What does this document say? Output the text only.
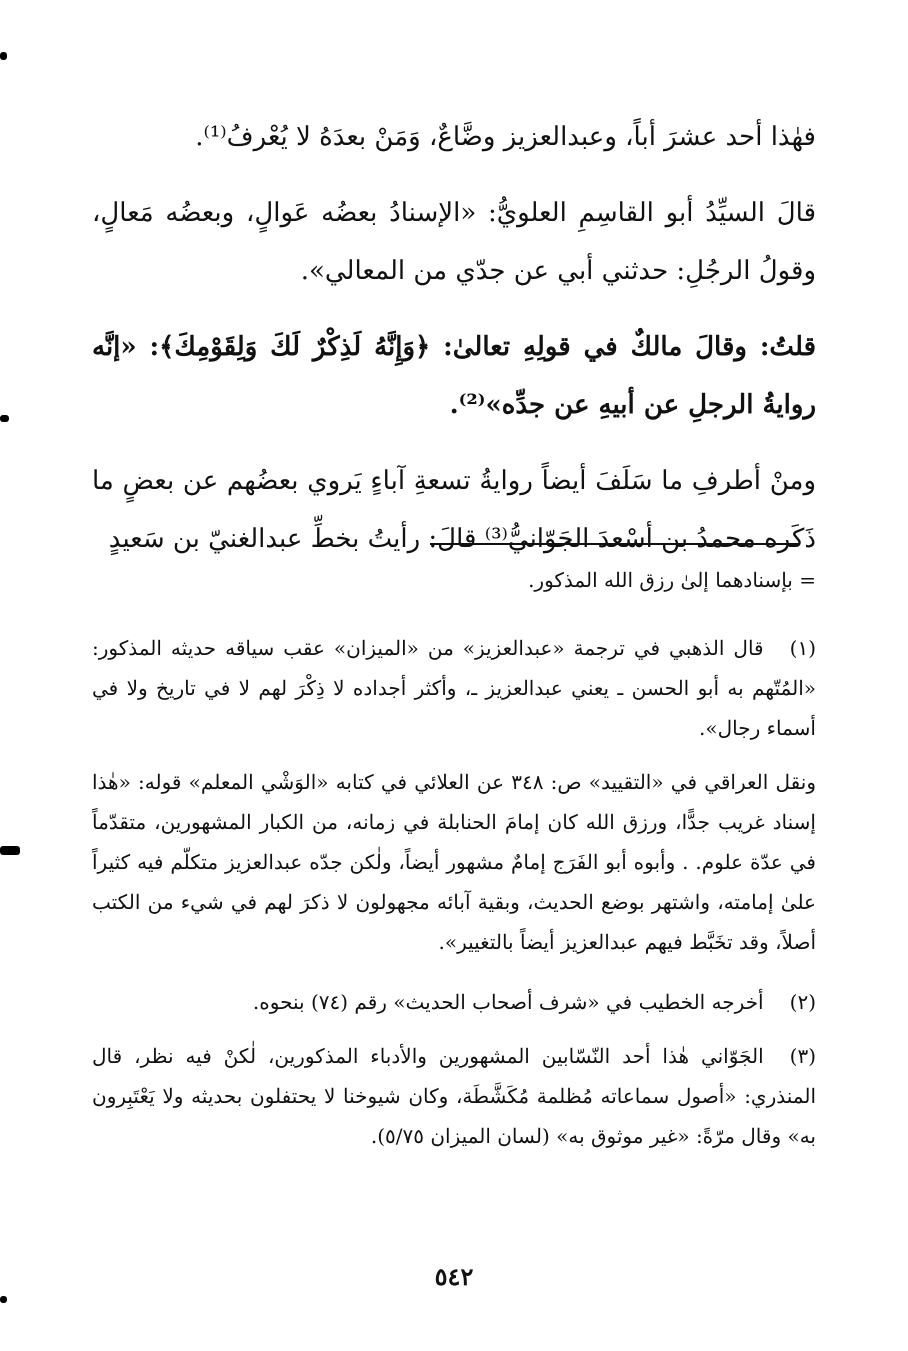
فهٰذا أحد عشرَ أباً، وعبدالعزيز وضَّاعٌ، وَمَنْ بعدَهُ لا يُعْرفُ⁽¹⁾.

قالَ السيِّدُ أبو القاسِمِ العلويُّ: «الإسنادُ بعضُه عَوالٍ، وبعضُه مَعالٍ، وقولُ الرجُلِ: حدثني أبي عن جدّي من المعالي».

قلتُ: وقالَ مالكٌ في قولِهِ تعالىٰ: ﴿وَإِنَّهُ لَذِكْرٌ لَكَ وَلِقَوْمِكَ﴾: «إنَّه روايةُ الرجلِ عن أبيهِ عن جدِّه»⁽²⁾.

ومنْ أطرفِ ما سَلَفَ أيضاً روايةُ تسعةِ آباءٍ يَروي بعضُهم عن بعضٍ ما ذَكَره محمدُ بن أسْعدَ الجَوّانيُّ⁽³⁾ قالَ: رأيتُ بخطِّ عبدالغنيّ بن سَعيدٍ

= بإسنادهما إلىٰ رزق الله المذكور.

(١)قال الذهبي في ترجمة «عبدالعزيز» من «الميزان» عقب سياقه حديثه المذكور: «المُتّهم به أبو الحسن ـ يعني عبدالعزيز ـ، وأكثر أجداده لا ذِكْرَ لهم لا في تاريخ ولا في أسماء رجال».

ونقل العراقي في «التقييد» ص: ٣٤٨ عن العلائي في كتابه «الوَشْي المعلم» قوله: «هٰذا إسناد غريب جدًّا، ورزق الله كان إمامَ الحنابلة في زمانه، من الكبار المشهورين، متقدّماً في عدّة علوم. . وأبوه أبو الفَرَج إمامٌ مشهور أيضاً، ولٰكن جدّه عبدالعزيز متكلّم فيه كثيراً علىٰ إمامته، واشتهر بوضع الحديث، وبقية آبائه مجهولون لا ذكرَ لهم في شيء من الكتب أصلاً، وقد تخَبَّط فيهم عبدالعزيز أيضاً بالتغيير».

(٢)أخرجه الخطيب في «شرف أصحاب الحديث» رقم (٧٤) بنحوه.

(٣)الجَوّاني هٰذا أحد النّسّابين المشهورين والأدباء المذكورين، لٰكنْ فيه نظر، قال المنذري: «أصول سماعاته مُظلمة مُكَشَّطَة، وكان شيوخنا لا يحتفلون بحديثه ولا يَعْتَبِرون به» وقال مرّةً: «غير موثوق به» (لسان الميزان ٥/٧٥).

٥٤٢
